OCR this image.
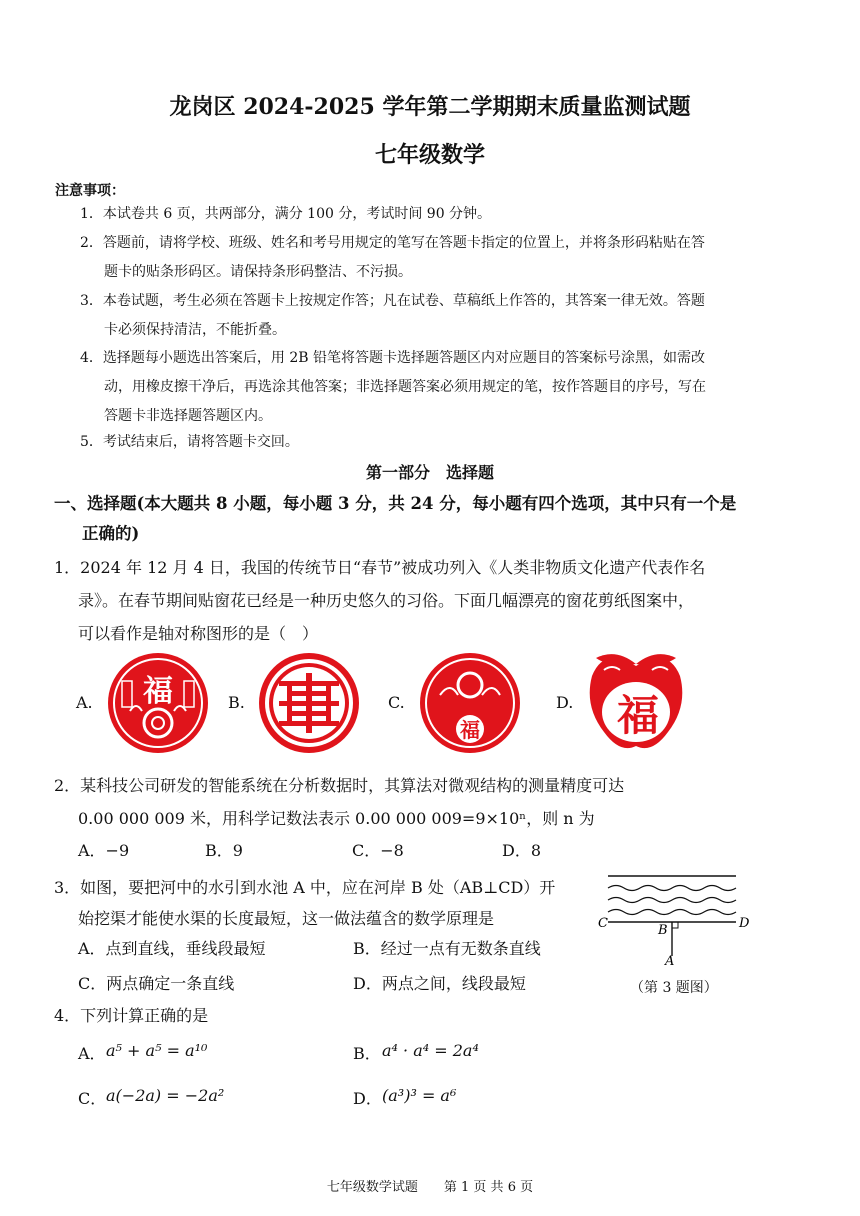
龙岗区 2024-2025 学年第二学期期末质量监测试题
七年级数学
注意事项：
1．本试卷共 6 页，共两部分，满分 100 分，考试时间 90 分钟。
2．答题前，请将学校、班级、姓名和考号用规定的笔写在答题卡指定的位置上，并将条形码粘贴在答
题卡的贴条形码区。请保持条形码整洁、不污损。
3．本卷试题，考生必须在答题卡上按规定作答；凡在试卷、草稿纸上作答的，其答案一律无效。答题
卡必须保持清洁，不能折叠。
4．选择题每小题选出答案后，用 2B 铅笔将答题卡选择题答题区内对应题目的答案标号涂黑，如需改
动，用橡皮擦干净后，再选涂其他答案；非选择题答案必须用规定的笔，按作答题目的序号，写在
答题卡非选择题答题区内。
5．考试结束后，请将答题卡交回。
第一部分　选择题
一、选择题(本大题共 8 小题，每小题 3 分，共 24 分，每小题有四个选项，其中只有一个是
正确的)
1．2024 年 12 月 4 日，我国的传统节日“春节”被成功列入《人类非物质文化遗产代表作名
录》。在春节期间贴窗花已经是一种历史悠久的习俗。下面几幅漂亮的窗花剪纸图案中，
可以看作是轴对称图形的是（　）
A.	B.	C.	D.
福
福	福
2．某科技公司研发的智能系统在分析数据时，其算法对微观结构的测量精度可达
0.00 000 009 米，用科学记数法表示 0.00 000 009=9×10ⁿ，则 n 为
A．−9	B．9	C．−8	D．8
3．如图，要把河中的水引到水池 A 中，应在河岸 B 处（AB⊥CD）开
始挖渠才能使水渠的长度最短，这一做法蕴含的数学原理是
A．点到直线，垂线段最短	B．经过一点有无数条直线
C．两点确定一条直线	D．两点之间，线段最短
C	D
B
A
（第 3 题图）
4．下列计算正确的是
A． a⁵ + a⁵ = a¹⁰	B． a⁴ · a⁴ = 2a⁴
C． a(−2a) = −2a²	D． (a³)³ = a⁶
七年级数学试题　　第 1 页 共 6 页
